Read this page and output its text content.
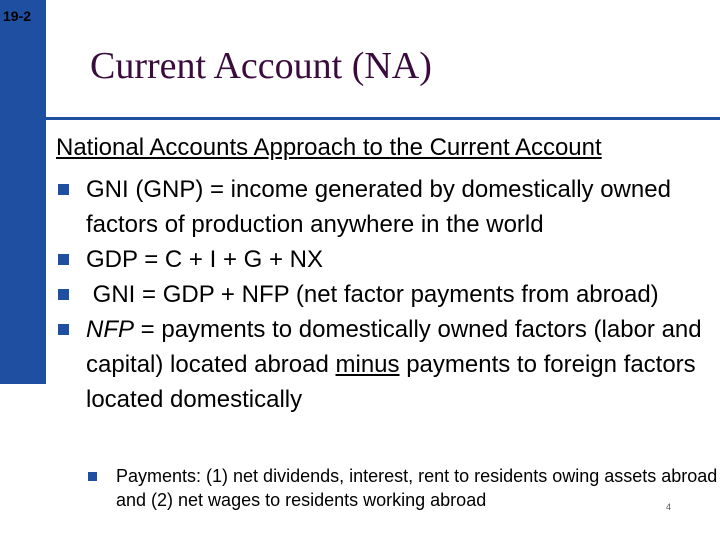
19-2
Current Account (NA)
National Accounts Approach to the Current Account
GNI (GNP) = income generated by domestically owned factors of production anywhere in the world
GDP = C + I + G + NX
GNI = GDP + NFP (net factor payments from abroad)
NFP = payments to domestically owned factors (labor and capital) located abroad minus payments to foreign factors located domestically
Payments: (1) net dividends, interest, rent to residents owing assets abroad and (2) net wages to residents working abroad	4
